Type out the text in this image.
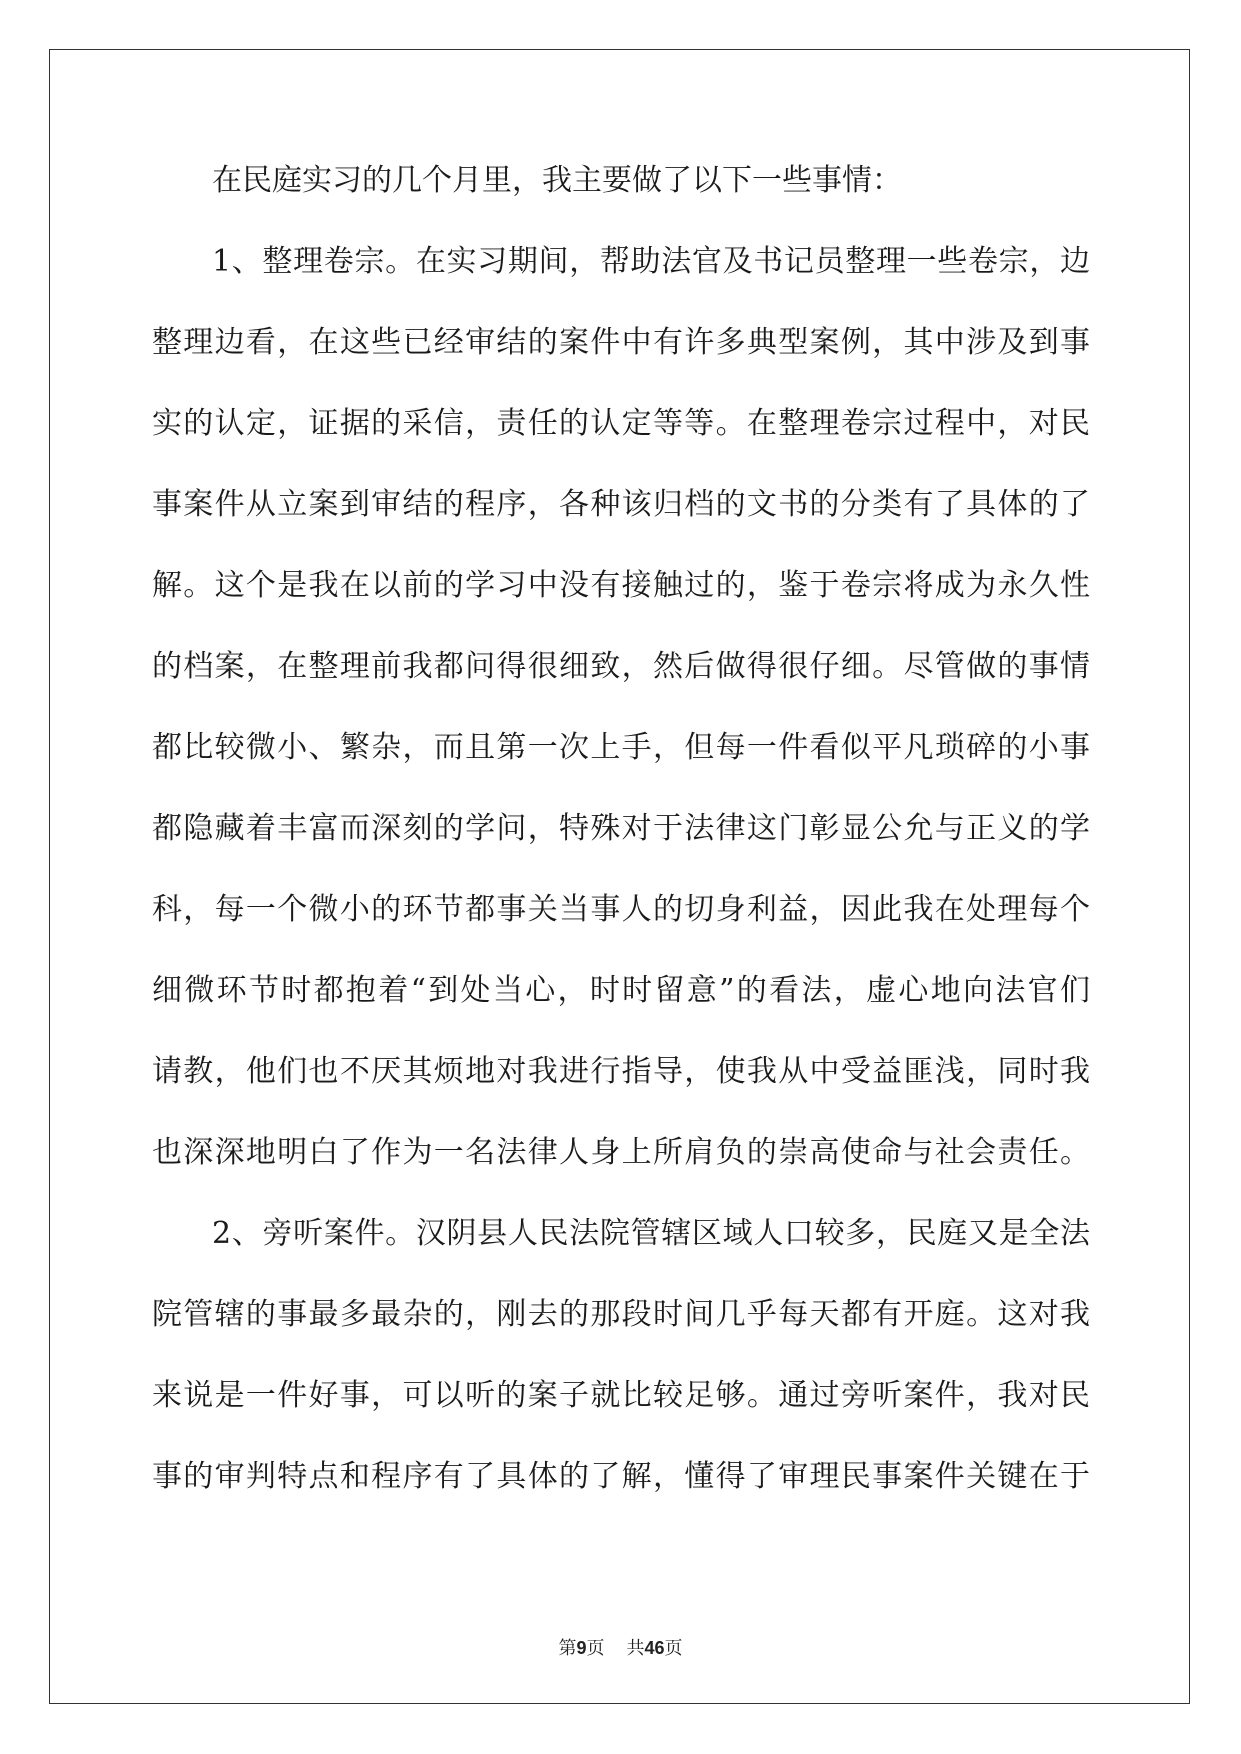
在民庭实习的几个月里，我主要做了以下一些事情：
1、整理卷宗。在实习期间，帮助法官及书记员整理一些卷宗，边
整理边看，在这些已经审结的案件中有许多典型案例，其中涉及到事
实的认定，证据的采信，责任的认定等等。在整理卷宗过程中，对民
事案件从立案到审结的程序，各种该归档的文书的分类有了具体的了
解。这个是我在以前的学习中没有接触过的，鉴于卷宗将成为永久性
的档案，在整理前我都问得很细致，然后做得很仔细。尽管做的事情
都比较微小、繁杂，而且第一次上手，但每一件看似平凡琐碎的小事
都隐藏着丰富而深刻的学问，特殊对于法律这门彰显公允与正义的学
科，每一个微小的环节都事关当事人的切身利益，因此我在处理每个
细微环节时都抱着“到处当心，时时留意”的看法，虚心地向法官们
请教，他们也不厌其烦地对我进行指导，使我从中受益匪浅，同时我
也深深地明白了作为一名法律人身上所肩负的崇高使命与社会责任。
2、旁听案件。汉阴县人民法院管辖区域人口较多，民庭又是全法
院管辖的事最多最杂的，刚去的那段时间几乎每天都有开庭。这对我
来说是一件好事，可以听的案子就比较足够。通过旁听案件，我对民
事的审判特点和程序有了具体的了解，懂得了审理民事案件关键在于
第9页 共46页
